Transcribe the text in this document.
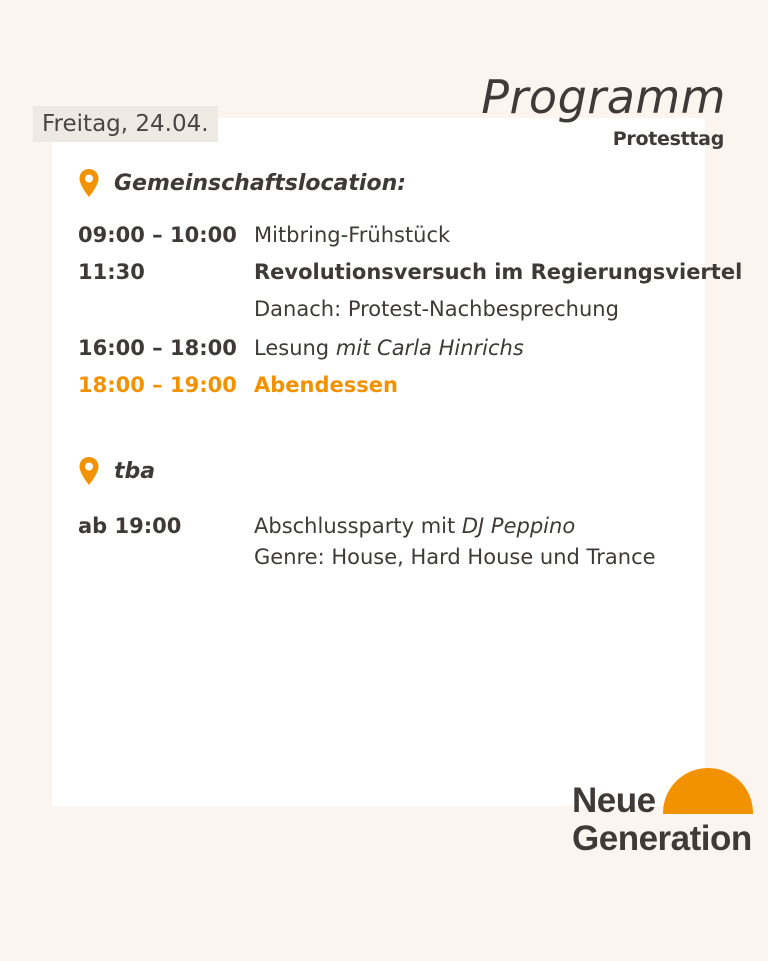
Freitag, 24.04.	Programm
Protesttag
Gemeinschaftslocation:
09:00 – 10:00 Mitbring-Frühstück
11:30	Revolutionsversuch im Regierungsviertel
Danach: Protest-Nachbesprechung
16:00 – 18:00 Lesung mit Carla Hinrichs
18:00 – 19:00 Abendessen
tba
ab 19:00	Abschlussparty mit DJ Peppino
Genre: House, Hard House und Trance
Neue
Generation
